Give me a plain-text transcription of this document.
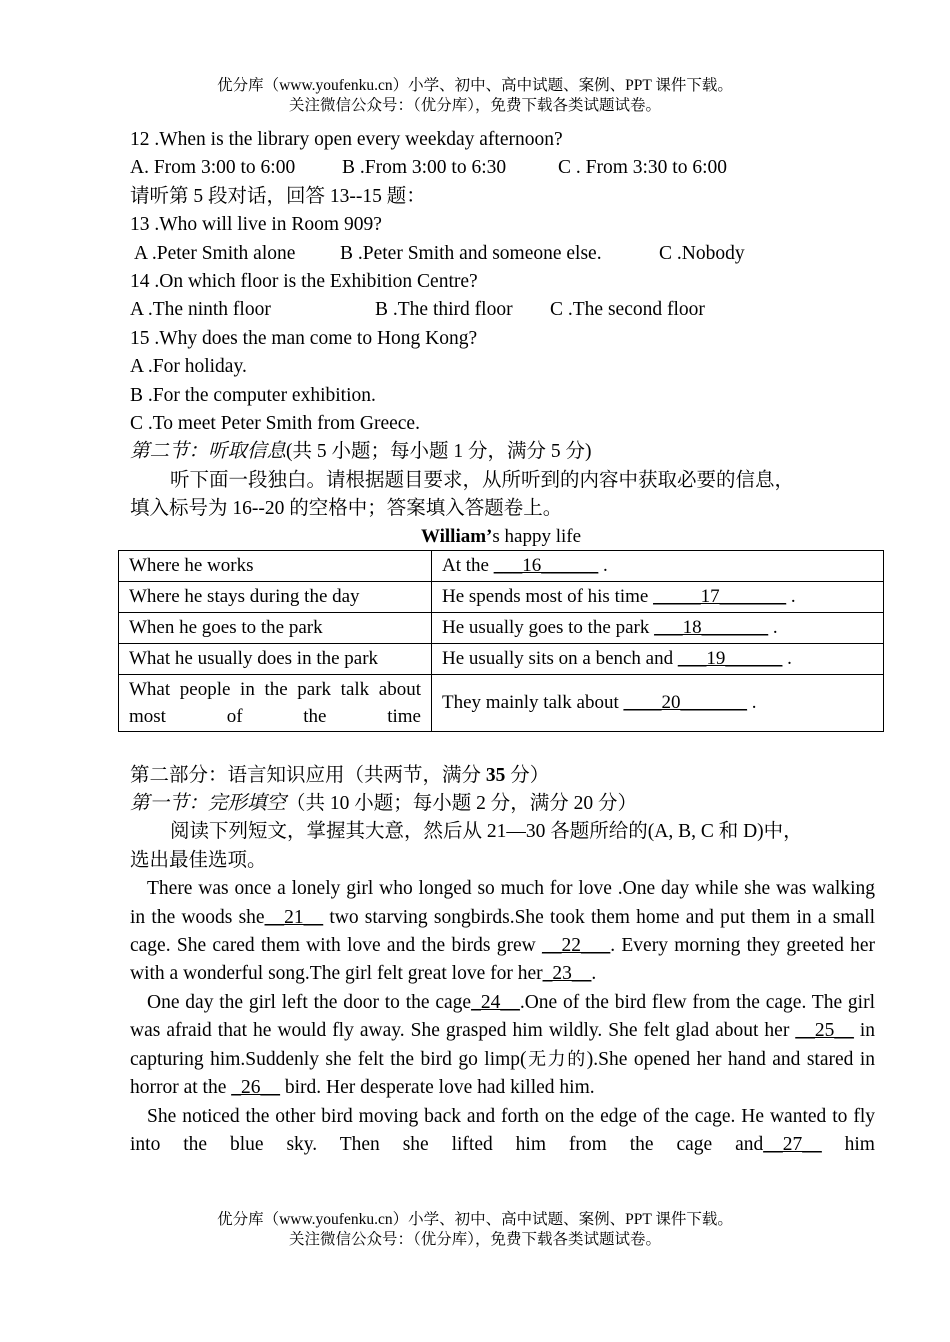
优分库（www.youfenku.cn）小学、初中、高中试题、案例、PPT 课件下载。
关注微信公众号：（优分库），免费下载各类试题试卷。
12 .When is the library open every weekday afternoon?
A. From 3:00 to 6:00 B .From 3:00 to 6:30	C . From 3:30 to 6:00
请听第 5 段对话，回答 13--15 题：
13 .Who will live in Room 909?
A .Peter Smith alone B .Peter Smith and someone else.	C .Nobody
14 .On which floor is the Exhibition Centre?
A .The ninth floor	B .The third floor C .The second floor
15 .Why does the man come to Hong Kong?
A .For holiday.
B .For the computer exhibition.
C .To meet Peter Smith from Greece.
第二节：听取信息(共 5 小题；每小题 1 分，满分 5 分)
听下面一段独白。请根据题目要求，从所听到的内容中获取必要的信息，
填入标号为 16--20 的空格中；答案填入答题卷上。
William’s happy life
Where he works	At the ___16______ .
Where he stays during the day	He spends most of his time _____17_______ .
When he goes to the park	He usually goes to the park ___18_______ .
What he usually does in the park	He usually sits on a bench and ___19______ .
What people in the park talk about most of the time	They mainly talk about ____20_______ .
第二部分：语言知识应用（共两节，满分 35 分）
第一节：完形填空（共 10 小题；每小题 2 分，满分 20 分）
阅读下列短文，掌握其大意，然后从 21—30 各题所给的(A, B, C 和 D)中，
选出最佳选项。
There was once a lonely girl who longed so much for love .One day while she was walking in the woods she__21__ two starving songbirds.She took them home and put them in a small cage. She cared them with love and the birds grew __22___. Every morning they greeted her with a wonderful song.The girl felt great love for her_23__.
One day the girl left the door to the cage_24__.One of the bird flew from the cage. The girl was afraid that he would fly away. She grasped him wildly. She felt glad about her __25__ in capturing him.Suddenly she felt the bird go limp(无力的).She opened her hand and stared in horror at the _26__ bird. Her desperate love had killed him.
She noticed the other bird moving back and forth on the edge of the cage. He wanted to fly into the blue sky. Then she lifted him from the cage and__27__ him
优分库（www.youfenku.cn）小学、初中、高中试题、案例、PPT 课件下载。
关注微信公众号：（优分库），免费下载各类试题试卷。
